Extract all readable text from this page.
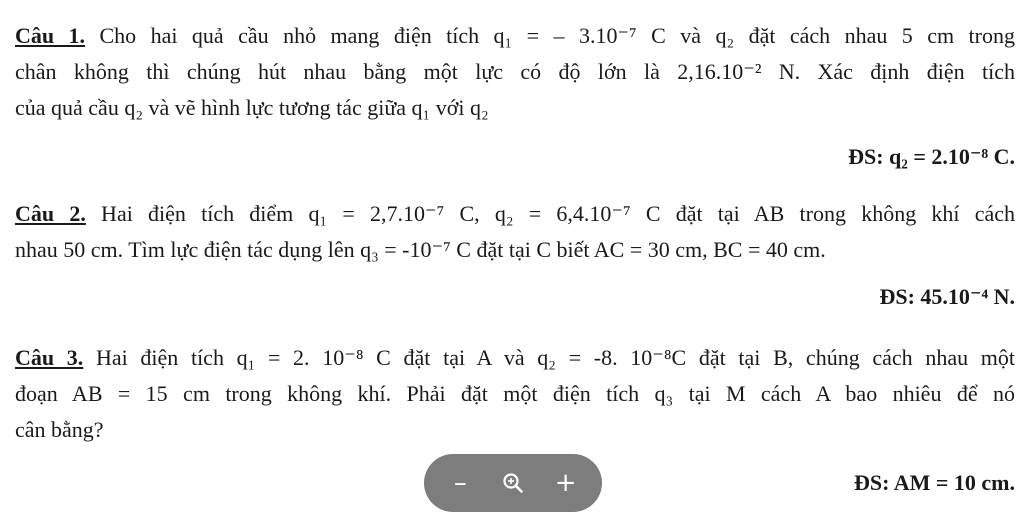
Câu 1. Cho hai quả cầu nhỏ mang điện tích q₁ = – 3.10⁻⁷ C và q₂ đặt cách nhau 5 cm trong
chân không thì chúng hút nhau bằng một lực có độ lớn là 2,16.10⁻² N. Xác định điện tích
của quả cầu q₂ và vẽ hình lực tương tác giữa q₁ với q₂
ĐS: q₂ = 2.10⁻⁸ C.
Câu 2. Hai điện tích điểm q₁ = 2,7.10⁻⁷ C, q₂ = 6,4.10⁻⁷ C đặt tại AB trong không khí cách
nhau 50 cm. Tìm lực điện tác dụng lên q₃ = -10⁻⁷ C đặt tại C biết AC = 30 cm, BC = 40 cm.
ĐS: 45.10⁻⁴ N.
Câu 3. Hai điện tích q₁ = 2. 10⁻⁸ C đặt tại A và q₂ = -8. 10⁻⁸C đặt tại B, chúng cách nhau một
đoạn AB = 15 cm trong không khí. Phải đặt một điện tích q₃ tại M cách A bao nhiêu để nó
cân bằng?
ĐS: AM = 10 cm.
–	+
